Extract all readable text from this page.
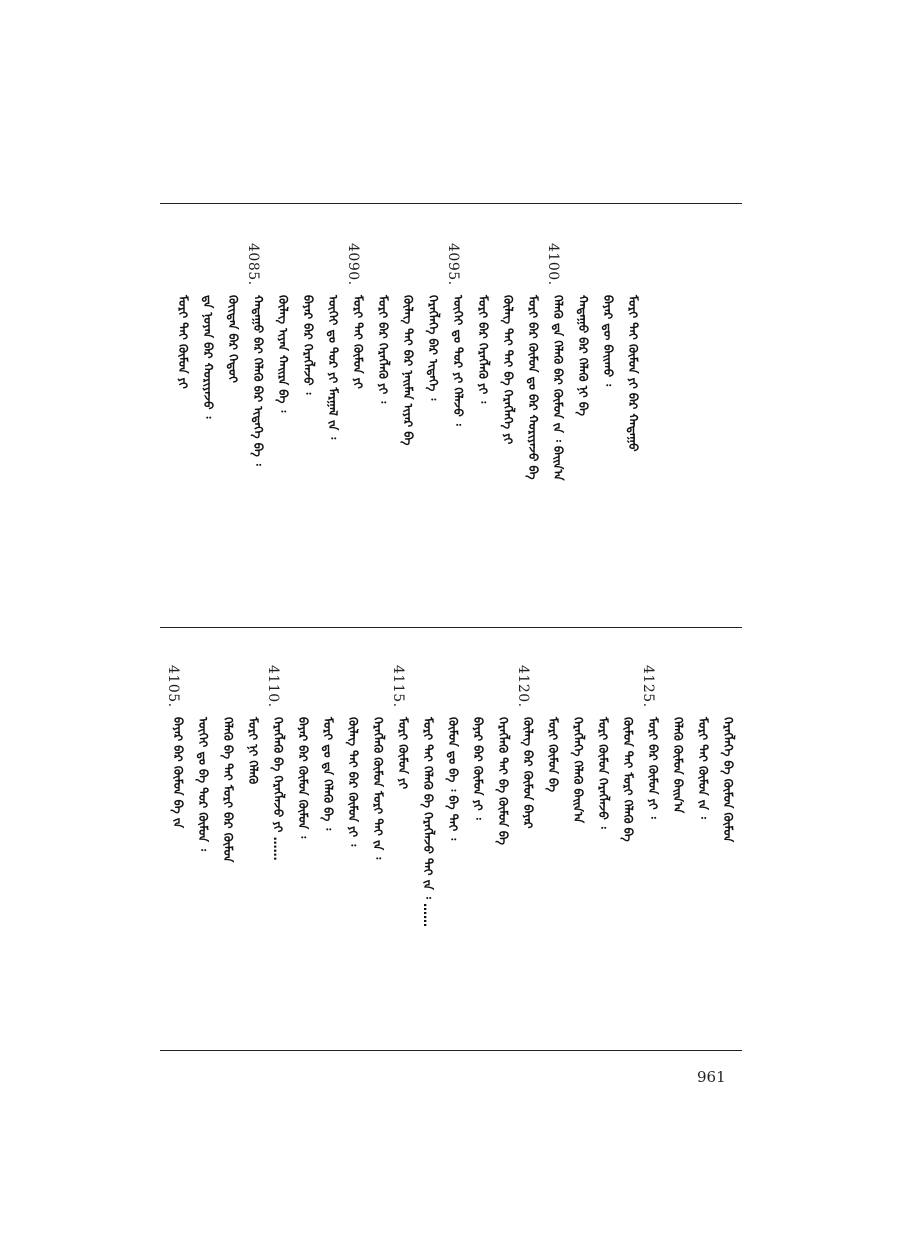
ᠮᠣᠷᠢ ᠲᠠᠢ ᠬᠦᠮᠦᠨ ᠶᠢ ᠳᠠ ᠨᠣᠶᠠᠨ ᠪᠠᠷ ᠬᠤᠷᠢᠶᠠᠵᠤ ᠄ ᠬᠦᠢᠲᠡᠨ ᠪᠠᠷ ᠬᠡᠳᠦᠢ
4085.
ᠬᠠᠳᠠᠭᠤ ᠪᠠᠷ ᠬᠡᠯᠡᠬᠦ ᠪᠠᠷ ᠢᠳᠡᠭᠡ ᠪᠠ ᠄ ᠬᠦᠯᠡᠭ ᠢᠶᠠᠨ ᠬᠠᠢᠷᠠ ᠪᠠ ᠄ ᠪᠠᠶᠠᠷ ᠪᠠᠷ ᠬᠡᠷᠡᠭᠯᠡᠵᠦ ᠄ ᠦᠬᠡᠢ ᠳᠤ ᠳᠤᠷ ᠶᠢ ᠮᠠᠷᠭᠠᠯ ᠵᠡ ᠄
4090.
ᠮᠣᠷᠢ ᠲᠠᠢ ᠬᠦᠮᠦᠨ ᠶᠢ ᠮᠣᠷᠢ ᠪᠠᠷ ᠬᠡᠷᠡᠭᠯᠡᠬᠦ ᠶᠢ ᠄ ᠬᠦᠯᠡᠭ ᠲᠠᠢ ᠪᠠᠷ ᠨᠠᠢᠮᠠᠨ ᠢᠶᠠᠷ ᠪᠠ ᠬᠡᠷᠡᠭᠯᠡᠭᠡ ᠪᠠᠷ ᠢᠳᠡᠭᠡ ᠄
4095.
ᠦᠬᠡᠢ ᠳᠤ ᠳᠤᠷ ᠶᠢ ᠬᠡᠯᠡᠵᠦ ᠄ ᠮᠣᠷᠢ ᠪᠠᠷ ᠬᠡᠷᠡᠭᠯᠡᠬᠦ ᠶᠢ ᠄ ᠬᠦᠯᠡᠭ ᠲᠠᠢ ᠲᠠᠢ ᠪᠠ ᠬᠡᠷᠡᠭᠯᠡᠭᠡ ᠶᠢ ᠮᠣᠷᠢ ᠪᠠᠷ ᠬᠦᠮᠦᠨ ᠳᠤ ᠪᠠᠷ ᠬᠤᠷᠢᠶᠠᠵᠤ ᠪᠠ
4100.
ᠬᠡᠯᠡᠬᠦ ᠳᠠ ᠬᠡᠯᠡᠬᠦ ᠪᠠᠷ ᠬᠦᠮᠦᠨ ᠵᠡ ᠄ ᠪᠠᠢᠨ᠎ᠠ ᠬᠠᠳᠠᠭᠤ ᠪᠠᠷ ᠬᠡᠯᠡᠬᠦ ᠨᠢ ᠪᠠ ᠪᠠᠶᠠᠷ ᠳᠦ ᠪᠠᠢᠬᠤ ᠄ ᠮᠣᠷᠢ ᠲᠠᠢ ᠬᠦᠮᠦᠨ ᠶᠢ ᠪᠠᠷ ᠬᠠᠳᠠᠭᠤ
4105.
ᠪᠠᠶᠠᠷ ᠪᠠᠷ ᠬᠦᠮᠦᠨ ᠪᠠ ᠵᠡ ᠦᠬᠡᠢ ᠳᠤ ᠪᠠ ᠳᠤᠷ ᠬᠦᠮᠦᠨ ᠄ ᠬᠡᠯᠡᠬᠦ ᠪᠠ ᠲᠠᠢ ᠮᠣᠷᠢ ᠪᠠᠷ ᠬᠦᠮᠦᠨ ᠮᠣᠷᠢ ᠨᠢ ᠬᠡᠯᠡᠬᠦ
4110.
ᠬᠡᠷᠡᠭᠯᠡᠬᠦ ᠪᠠ ᠬᠡᠷᠡᠭᠯᠡᠵᠦ ᠶᠢ …… ᠪᠠᠶᠠᠷ ᠪᠠᠷ ᠬᠦᠮᠦᠨ ᠬᠦᠮᠦᠨ ᠄ ᠮᠣᠷᠢ ᠳᠤ ᠳᠠ ᠬᠡᠯᠡᠬᠦ ᠪᠠ ᠄ ᠬᠦᠯᠡᠭ ᠲᠠᠢ ᠪᠠᠷ ᠬᠦᠮᠦᠨ ᠶᠢ ᠄ ᠬᠡᠷᠡᠭᠯᠡᠬᠦ ᠬᠦᠮᠦᠨ ᠮᠣᠷᠢ ᠲᠠᠢ ᠵᠡ ᠄
4115.
ᠮᠣᠷᠢ ᠬᠦᠮᠦᠨ ᠶᠢ ᠮᠣᠷᠢ ᠲᠠᠢ ᠬᠡᠯᠡᠬᠦ ᠪᠠ ᠬᠡᠷᠡᠭᠯᠡᠵᠦ ᠲᠠᠢ ᠵᠡ ᠄ …… ᠬᠦᠮᠦᠨ ᠳᠤ ᠪᠠ ᠄ ᠪᠠ ᠲᠠᠢ ᠄ ᠪᠠᠶᠠᠷ ᠪᠠᠷ ᠬᠦᠮᠦᠨ ᠶᠢ ᠄ ᠬᠡᠷᠡᠭᠯᠡᠬᠦ ᠲᠠᠢ ᠪᠠ ᠬᠦᠮᠦᠨ ᠪᠠ
4120.
ᠬᠦᠯᠡᠭ ᠪᠠᠷ ᠬᠦᠮᠦᠨ ᠪᠠᠶᠠᠷ ᠮᠣᠷᠢ ᠬᠦᠮᠦᠨ ᠪᠠ ᠬᠡᠷᠡᠭᠯᠡᠭᠡ ᠬᠡᠯᠡᠬᠦ ᠪᠠᠢᠨ᠎ᠠ ᠮᠣᠷᠢ ᠬᠦᠮᠦᠨ ᠬᠡᠷᠡᠭᠯᠡᠵᠦ ᠄ ᠬᠦᠮᠦᠨ ᠲᠠᠢ ᠮᠣᠷᠢ ᠬᠡᠯᠡᠬᠦ ᠪᠠ
4125.
ᠮᠣᠷᠢ ᠪᠠᠷ ᠬᠦᠮᠦᠨ ᠶᠢ ᠄ ᠬᠡᠯᠡᠬᠦ ᠬᠦᠮᠦᠨ ᠪᠠᠢᠨ᠎ᠠ ᠮᠣᠷᠢ ᠲᠠᠢ ᠬᠦᠮᠦᠨ ᠵᠡ ᠄ ᠬᠡᠷᠡᠭᠯᠡᠭᠡ ᠪᠠ ᠬᠦᠮᠦᠨ ᠬᠦᠮᠦᠨ
961
